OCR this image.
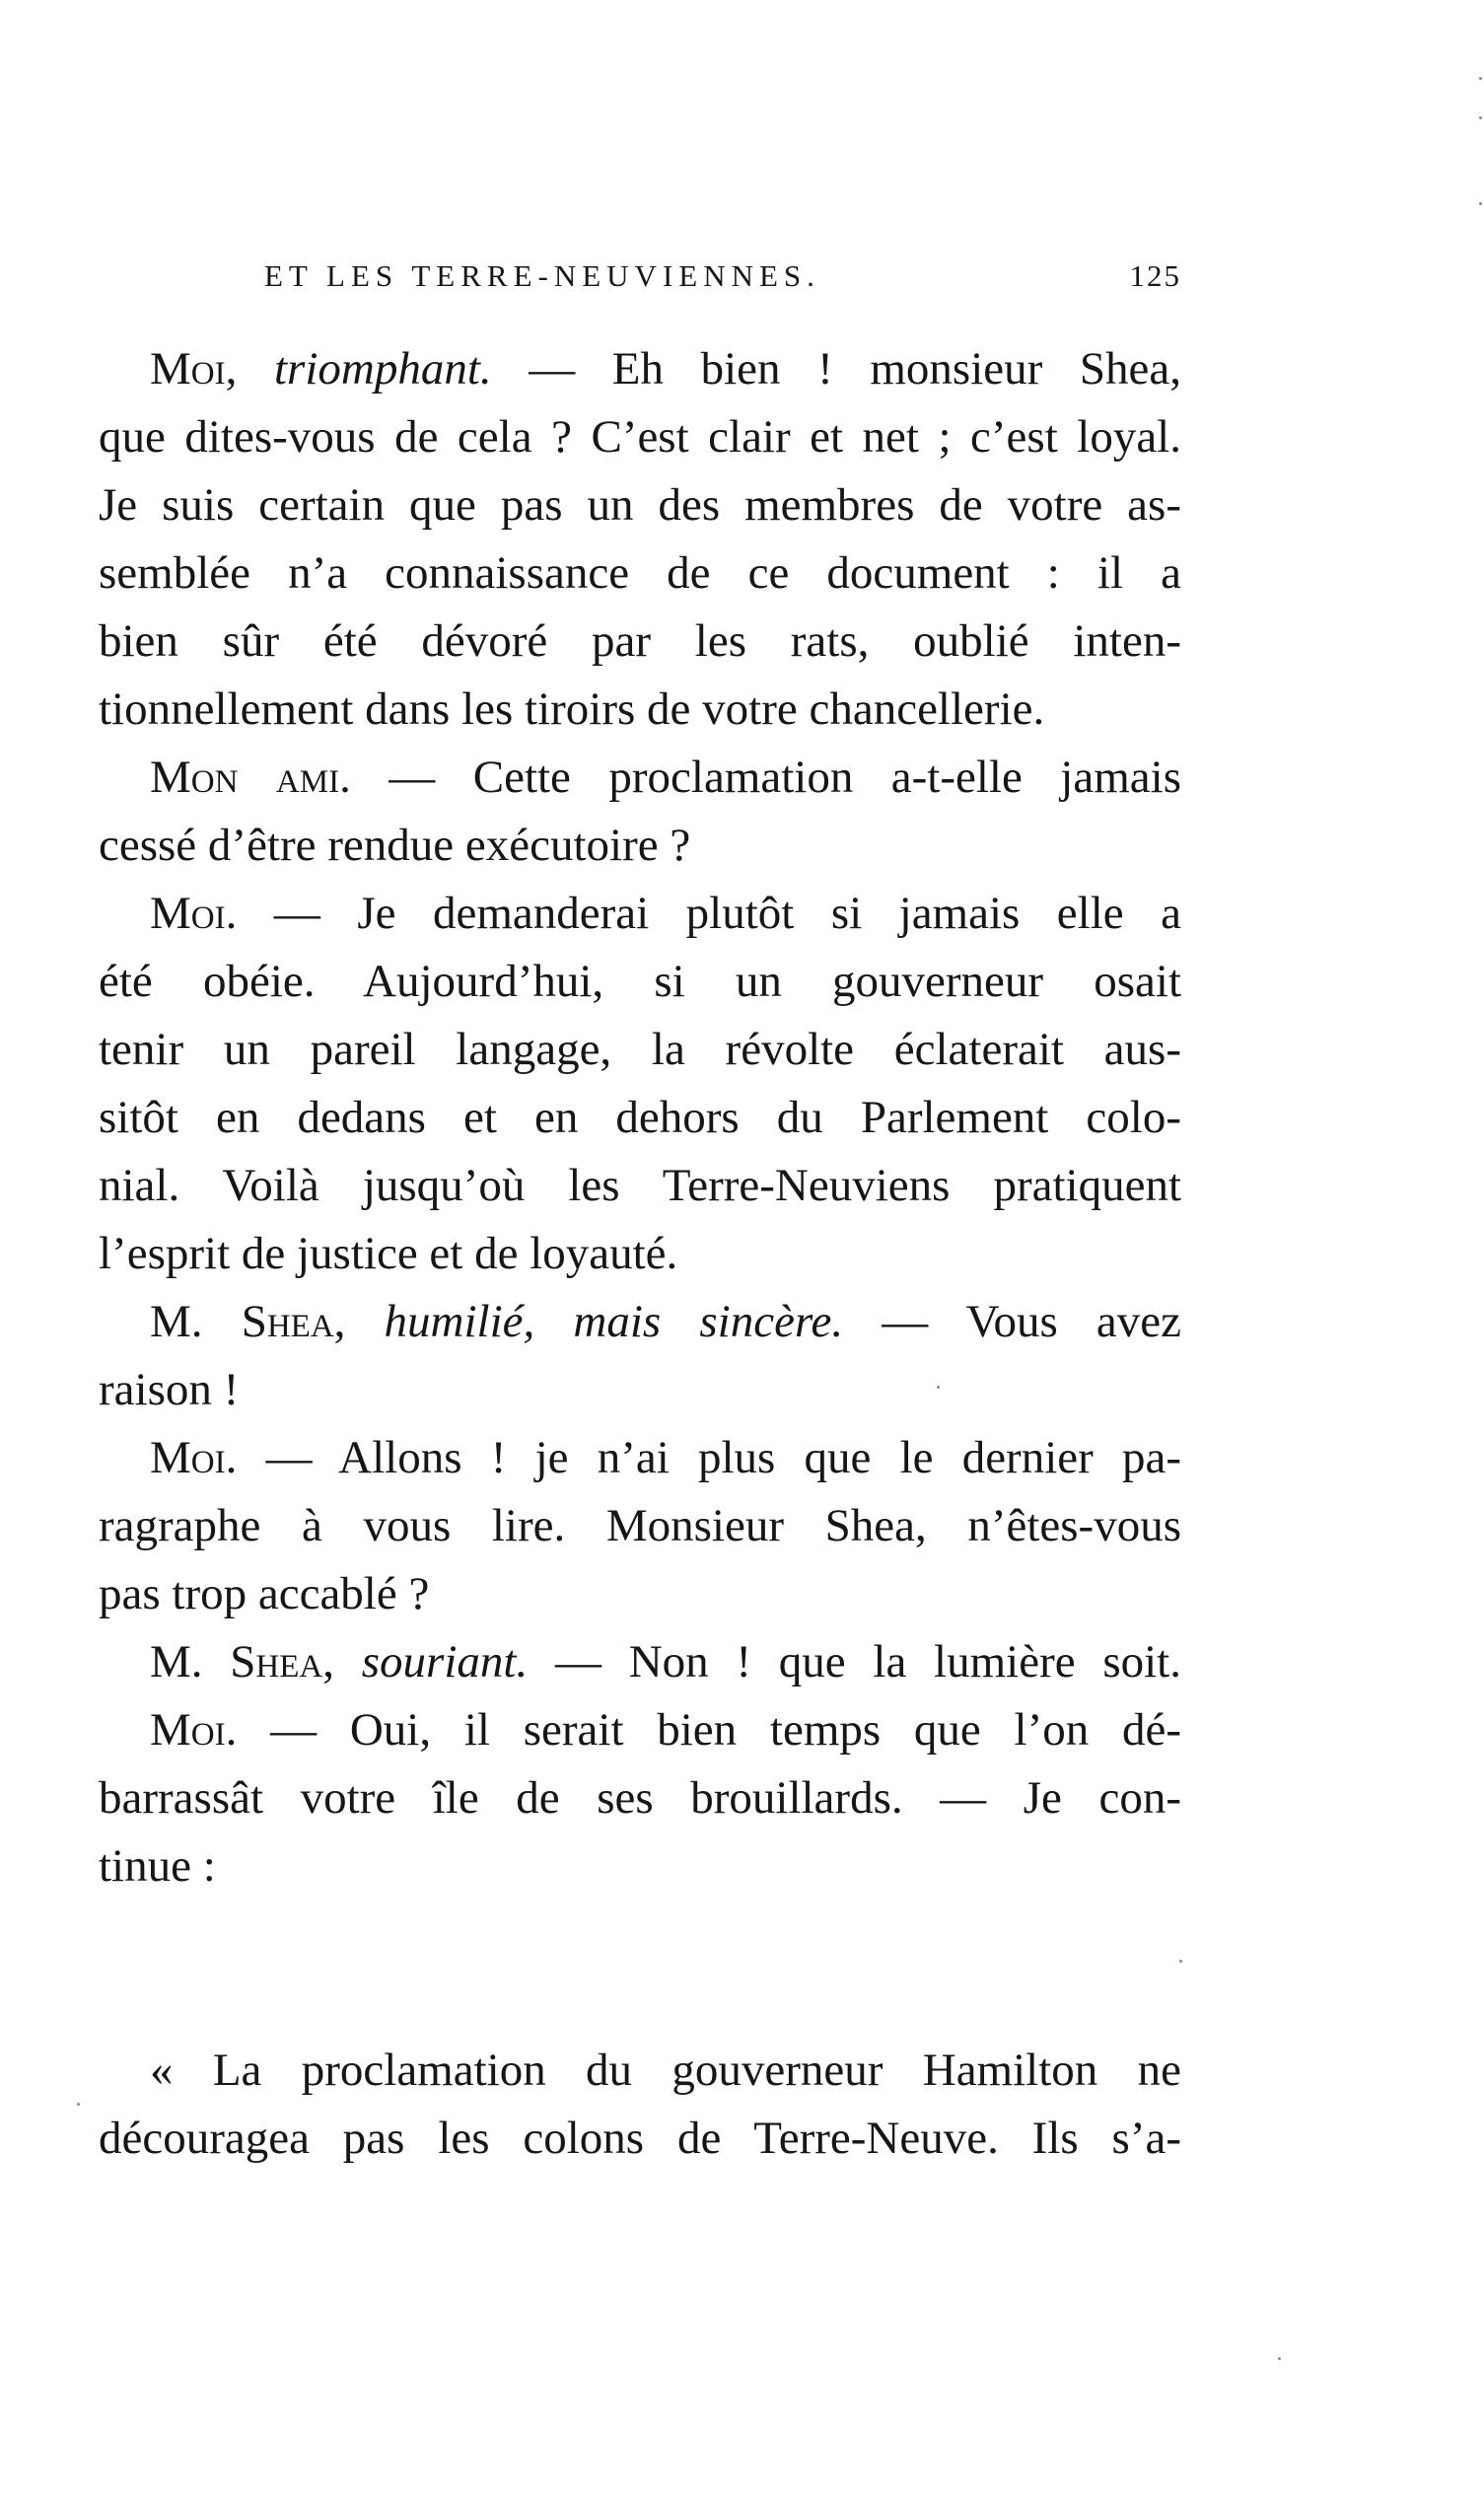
ET LES TERRE-NEUVIENNES.	125
Moi, triomphant. — Eh bien ! monsieur Shea,
que dites-vous de cela ? C’est clair et net ; c’est loyal.
Je suis certain que pas un des membres de votre as-
semblée n’a connaissance de ce document : il a
bien sûr été dévoré par les rats, oublié inten-
tionnellement dans les tiroirs de votre chancellerie.
Mon ami. — Cette proclamation a-t-elle jamais
cessé d’être rendue exécutoire ?
Moi. — Je demanderai plutôt si jamais elle a
été obéie. Aujourd’hui, si un gouverneur osait
tenir un pareil langage, la révolte éclaterait aus-
sitôt en dedans et en dehors du Parlement colo-
nial. Voilà jusqu’où les Terre-Neuviens pratiquent
l’esprit de justice et de loyauté.
M. Shea, humilié, mais sincère. — Vous avez
raison !
Moi. — Allons ! je n’ai plus que le dernier pa-
ragraphe à vous lire. Monsieur Shea, n’êtes-vous
pas trop accablé ?
M. Shea, souriant. — Non ! que la lumière soit.
Moi. — Oui, il serait bien temps que l’on dé-
barrassât votre île de ses brouillards. — Je con-
tinue :
« La proclamation du gouverneur Hamilton ne
découragea pas les colons de Terre-Neuve. Ils s’a-
